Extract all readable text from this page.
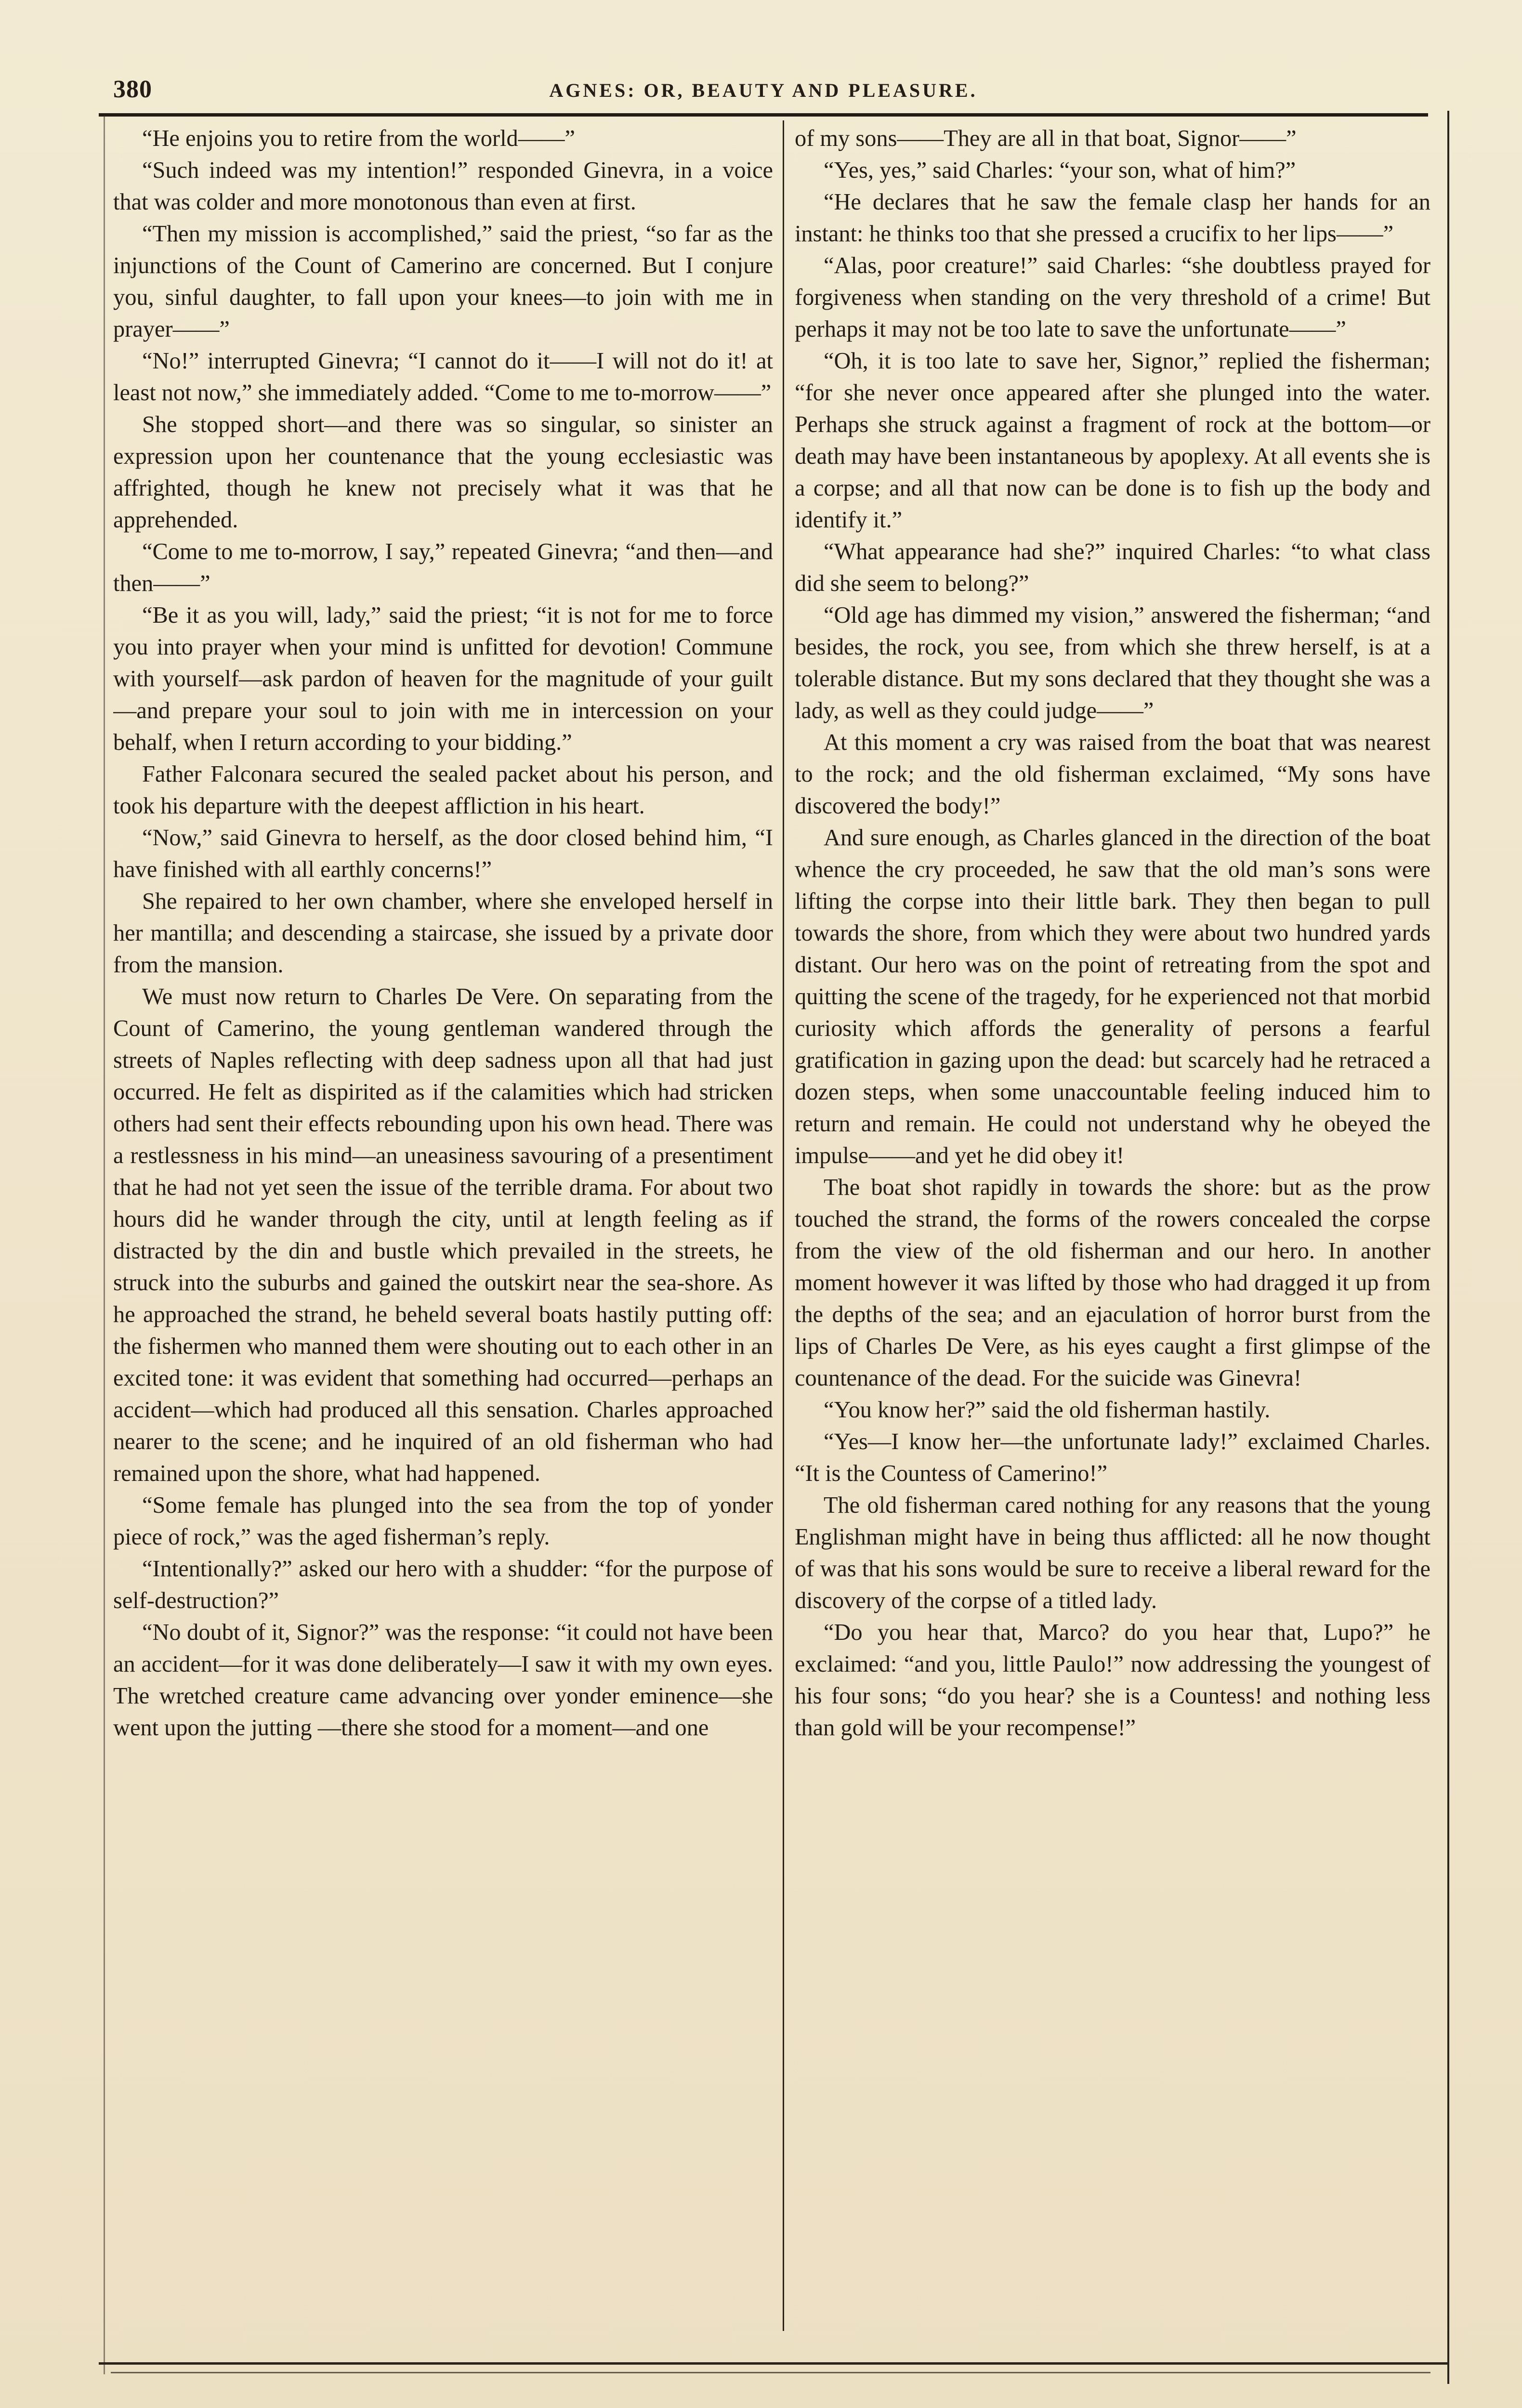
380	AGNES: OR, BEAUTY AND PLEASURE.

“He enjoins you to retire from the world——”

“Such indeed was my intention!” responded Ginevra, in a voice that was colder and more monotonous than even at first.

“Then my mission is accomplished,” said the priest, “so far as the injunctions of the Count of Camerino are concerned. But I conjure you, sinful daughter, to fall upon your knees—to join with me in prayer——”

“No!” interrupted Ginevra; “I cannot do it——I will not do it! at least not now,” she immediately added. “Come to me to-morrow——”

She stopped short—and there was so singular, so sinister an expression upon her countenance that the young ecclesiastic was affrighted, though he knew not precisely what it was that he apprehended.

“Come to me to-morrow, I say,” repeated Ginevra; “and then—and then——”

“Be it as you will, lady,” said the priest; “it is not for me to force you into prayer when your mind is unfitted for devotion! Commune with yourself—ask pardon of heaven for the magnitude of your guilt—and prepare your soul to join with me in intercession on your behalf, when I return according to your bidding.”

Father Falconara secured the sealed packet about his person, and took his departure with the deepest affliction in his heart.

“Now,” said Ginevra to herself, as the door closed behind him, “I have finished with all earthly concerns!”

She repaired to her own chamber, where she enveloped herself in her mantilla; and descending a staircase, she issued by a private door from the mansion.

We must now return to Charles De Vere. On separating from the Count of Camerino, the young gentleman wandered through the streets of Naples reflecting with deep sadness upon all that had just occurred. He felt as dispirited as if the calamities which had stricken others had sent their effects rebounding upon his own head. There was a restlessness in his mind—an uneasiness savouring of a presentiment that he had not yet seen the issue of the terrible drama. For about two hours did he wander through the city, until at length feeling as if distracted by the din and bustle which prevailed in the streets, he struck into the suburbs and gained the outskirt near the sea-shore. As he approached the strand, he beheld several boats hastily putting off: the fishermen who manned them were shouting out to each other in an excited tone: it was evident that something had occurred—perhaps an accident—which had produced all this sensation. Charles approached nearer to the scene; and he inquired of an old fisherman who had remained upon the shore, what had happened.

“Some female has plunged into the sea from the top of yonder piece of rock,” was the aged fisherman’s reply.

“Intentionally?” asked our hero with a shudder: “for the purpose of self-destruction?”

“No doubt of it, Signor?” was the response: “it could not have been an accident—for it was done deliberately—I saw it with my own eyes. The wretched creature came advancing over yonder eminence—she went upon the jutting —there she stood for a moment—and one

of my sons——They are all in that boat, Signor——”

“Yes, yes,” said Charles: “your son, what of him?”

“He declares that he saw the female clasp her hands for an instant: he thinks too that she pressed a crucifix to her lips——”

“Alas, poor creature!” said Charles: “she doubtless prayed for forgiveness when standing on the very threshold of a crime! But perhaps it may not be too late to save the unfortunate——”

“Oh, it is too late to save her, Signor,” replied the fisherman; “for she never once appeared after she plunged into the water. Perhaps she struck against a fragment of rock at the bottom—or death may have been instantaneous by apoplexy. At all events she is a corpse; and all that now can be done is to fish up the body and identify it.”

“What appearance had she?” inquired Charles: “to what class did she seem to belong?”

“Old age has dimmed my vision,” answered the fisherman; “and besides, the rock, you see, from which she threw herself, is at a tolerable distance. But my sons declared that they thought she was a lady, as well as they could judge——”

At this moment a cry was raised from the boat that was nearest to the rock; and the old fisherman exclaimed, “My sons have discovered the body!”

And sure enough, as Charles glanced in the direction of the boat whence the cry proceeded, he saw that the old man’s sons were lifting the corpse into their little bark. They then began to pull towards the shore, from which they were about two hundred yards distant. Our hero was on the point of retreating from the spot and quitting the scene of the tragedy, for he experienced not that morbid curiosity which affords the generality of persons a fearful gratification in gazing upon the dead: but scarcely had he retraced a dozen steps, when some unaccountable feeling induced him to return and remain. He could not understand why he obeyed the impulse——and yet he did obey it!

The boat shot rapidly in towards the shore: but as the prow touched the strand, the forms of the rowers concealed the corpse from the view of the old fisherman and our hero. In another moment however it was lifted by those who had dragged it up from the depths of the sea; and an ejaculation of horror burst from the lips of Charles De Vere, as his eyes caught a first glimpse of the countenance of the dead. For the suicide was Ginevra!

“You know her?” said the old fisherman hastily.

“Yes—I know her—the unfortunate lady!” exclaimed Charles. “It is the Countess of Camerino!”

The old fisherman cared nothing for any reasons that the young Englishman might have in being thus afflicted: all he now thought of was that his sons would be sure to receive a liberal reward for the discovery of the corpse of a titled lady.

“Do you hear that, Marco? do you hear that, Lupo?” he exclaimed: “and you, little Paulo!” now addressing the youngest of his four sons; “do you hear? she is a Countess! and nothing less than gold will be your recompense!”
